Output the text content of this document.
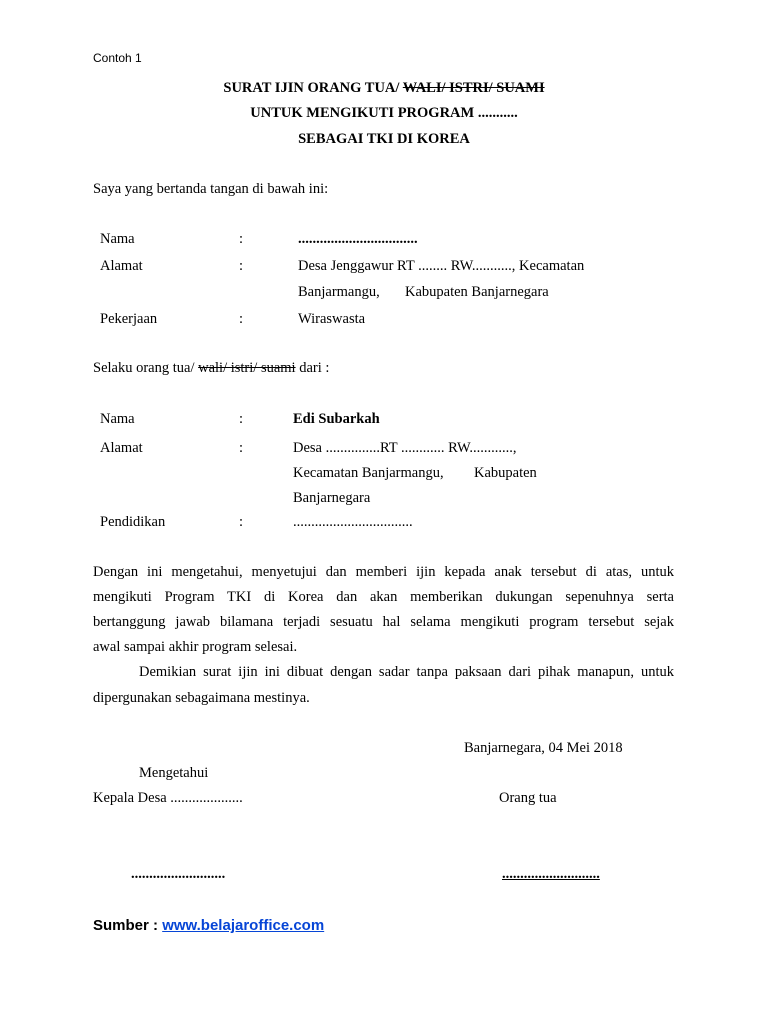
Contoh 1
SURAT IJIN ORANG TUA/ WALI/ ISTRI/ SUAMI
UNTUK MENGIKUTI PROGRAM ...........
SEBAGAI TKI DI KOREA
Saya yang bertanda tangan di bawah ini:
Nama	:	.................................
Alamat	:	Desa Jenggawur RT ........ RW..........., Kecamatan
Banjarmangu, Kabupaten Banjarnegara
Pekerjaan	:	Wiraswasta
Selaku orang tua/ wali/ istri/ suami dari :
Nama	:	Edi Subarkah
Alamat	:	Desa ...............RT ............ RW............,
Kecamatan Banjarmangu, Kabupaten
Banjarnegara
Pendidikan	:	.................................
Dengan ini mengetahui, menyetujui dan memberi ijin kepada anak tersebut di atas, untuk
mengikuti Program TKI di Korea dan akan memberikan dukungan sepenuhnya serta
bertanggung jawab bilamana terjadi sesuatu hal selama mengikuti program tersebut sejak
awal sampai akhir program selesai.
Demikian surat ijin ini dibuat dengan sadar tanpa paksaan dari pihak manapun, untuk
dipergunakan sebagaimana mestinya.
Banjarnegara, 04 Mei 2018
Mengetahui
Kepala Desa ....................	Orang tua
..........................	...........................
Sumber : www.belajaroffice.com
